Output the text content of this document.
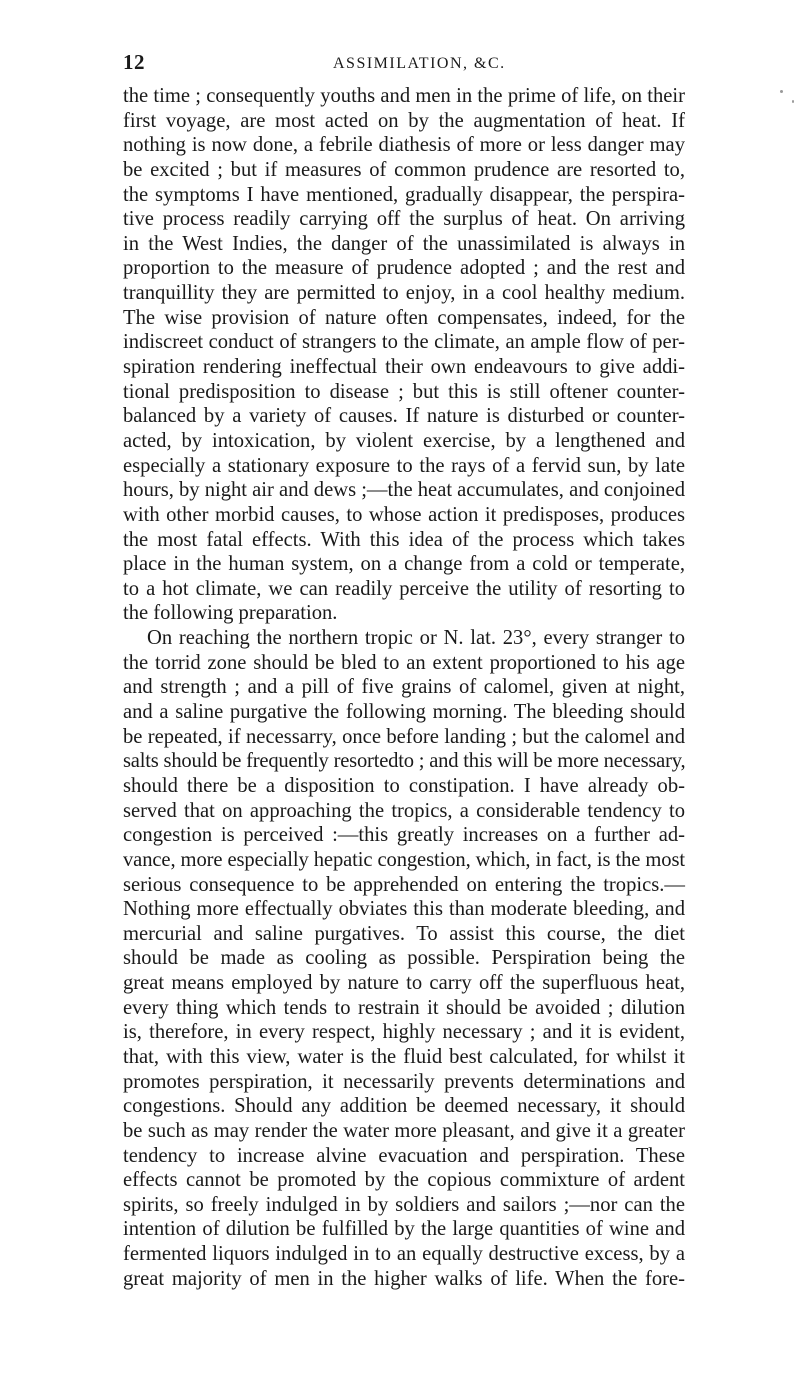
12	ASSIMILATION, &C.
the time ; consequently youths and men in the prime of life, on their
first voyage, are most acted on by the augmentation of heat. If
nothing is now done, a febrile diathesis of more or less danger may
be excited ; but if measures of common prudence are resorted to,
the symptoms I have mentioned, gradually disappear, the perspira-
tive process readily carrying off the surplus of heat. On arriving
in the West Indies, the danger of the unassimilated is always in
proportion to the measure of prudence adopted ; and the rest and
tranquillity they are permitted to enjoy, in a cool healthy medium.
The wise provision of nature often compensates, indeed, for the
indiscreet conduct of strangers to the climate, an ample flow of per-
spiration rendering ineffectual their own endeavours to give addi-
tional predisposition to disease ; but this is still oftener counter-
balanced by a variety of causes. If nature is disturbed or counter-
acted, by intoxication, by violent exercise, by a lengthened and
especially a stationary exposure to the rays of a fervid sun, by late
hours, by night air and dews ;—the heat accumulates, and conjoined
with other morbid causes, to whose action it predisposes, produces
the most fatal effects. With this idea of the process which takes
place in the human system, on a change from a cold or temperate,
to a hot climate, we can readily perceive the utility of resorting to
the following preparation.
On reaching the northern tropic or N. lat. 23°, every stranger to
the torrid zone should be bled to an extent proportioned to his age
and strength ; and a pill of five grains of calomel, given at night,
and a saline purgative the following morning. The bleeding should
be repeated, if necessarry, once before landing ; but the calomel and
salts should be frequently resortedto ; and this will be more necessary,
should there be a disposition to constipation. I have already ob-
served that on approaching the tropics, a considerable tendency to
congestion is perceived :—this greatly increases on a further ad-
vance, more especially hepatic congestion, which, in fact, is the most
serious consequence to be apprehended on entering the tropics.—
Nothing more effectually obviates this than moderate bleeding, and
mercurial and saline purgatives. To assist this course, the diet
should be made as cooling as possible. Perspiration being the
great means employed by nature to carry off the superfluous heat,
every thing which tends to restrain it should be avoided ; dilution
is, therefore, in every respect, highly necessary ; and it is evident,
that, with this view, water is the fluid best calculated, for whilst it
promotes perspiration, it necessarily prevents determinations and
congestions. Should any addition be deemed necessary, it should
be such as may render the water more pleasant, and give it a greater
tendency to increase alvine evacuation and perspiration. These
effects cannot be promoted by the copious commixture of ardent
spirits, so freely indulged in by soldiers and sailors ;—nor can the
intention of dilution be fulfilled by the large quantities of wine and
fermented liquors indulged in to an equally destructive excess, by a
great majority of men in the higher walks of life. When the fore-
